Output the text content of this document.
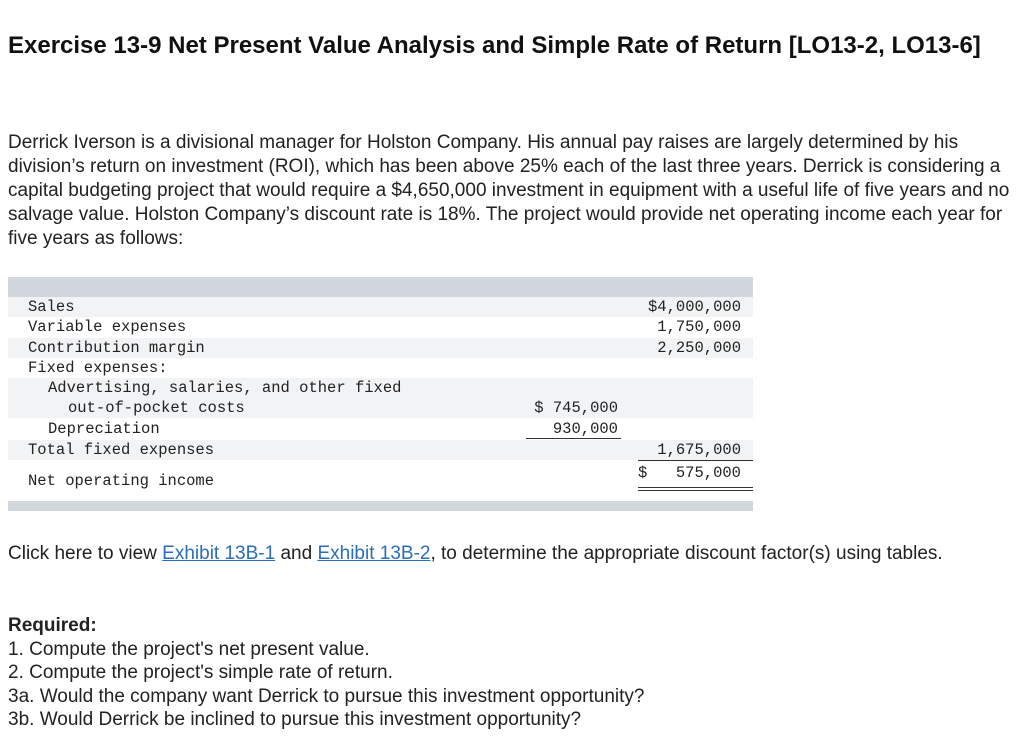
Exercise 13-9 Net Present Value Analysis and Simple Rate of Return [LO13-2, LO13-6]

Derrick Iverson is a divisional manager for Holston Company. His annual pay raises are largely determined by his division’s return on investment (ROI), which has been above 25% each of the last three years. Derrick is considering a capital budgeting project that would require a $4,650,000 investment in equipment with a useful life of five years and no salvage value. Holston Company’s discount rate is 18%. The project would provide net operating income each year for five years as follows:

Sales	$4,000,000
Variable expenses	1,750,000
Contribution margin	2,250,000
Fixed expenses:
Advertising, salaries, and other fixed
out-of-pocket costs	$ 745,000
Depreciation	930,000
Total fixed expenses	1,675,000
Net operating income	$	575,000

Click here to view Exhibit 13B-1 and Exhibit 13B-2, to determine the appropriate discount factor(s) using tables.

Required:
1. Compute the project's net present value.
2. Compute the project's simple rate of return.
3a. Would the company want Derrick to pursue this investment opportunity?
3b. Would Derrick be inclined to pursue this investment opportunity?
